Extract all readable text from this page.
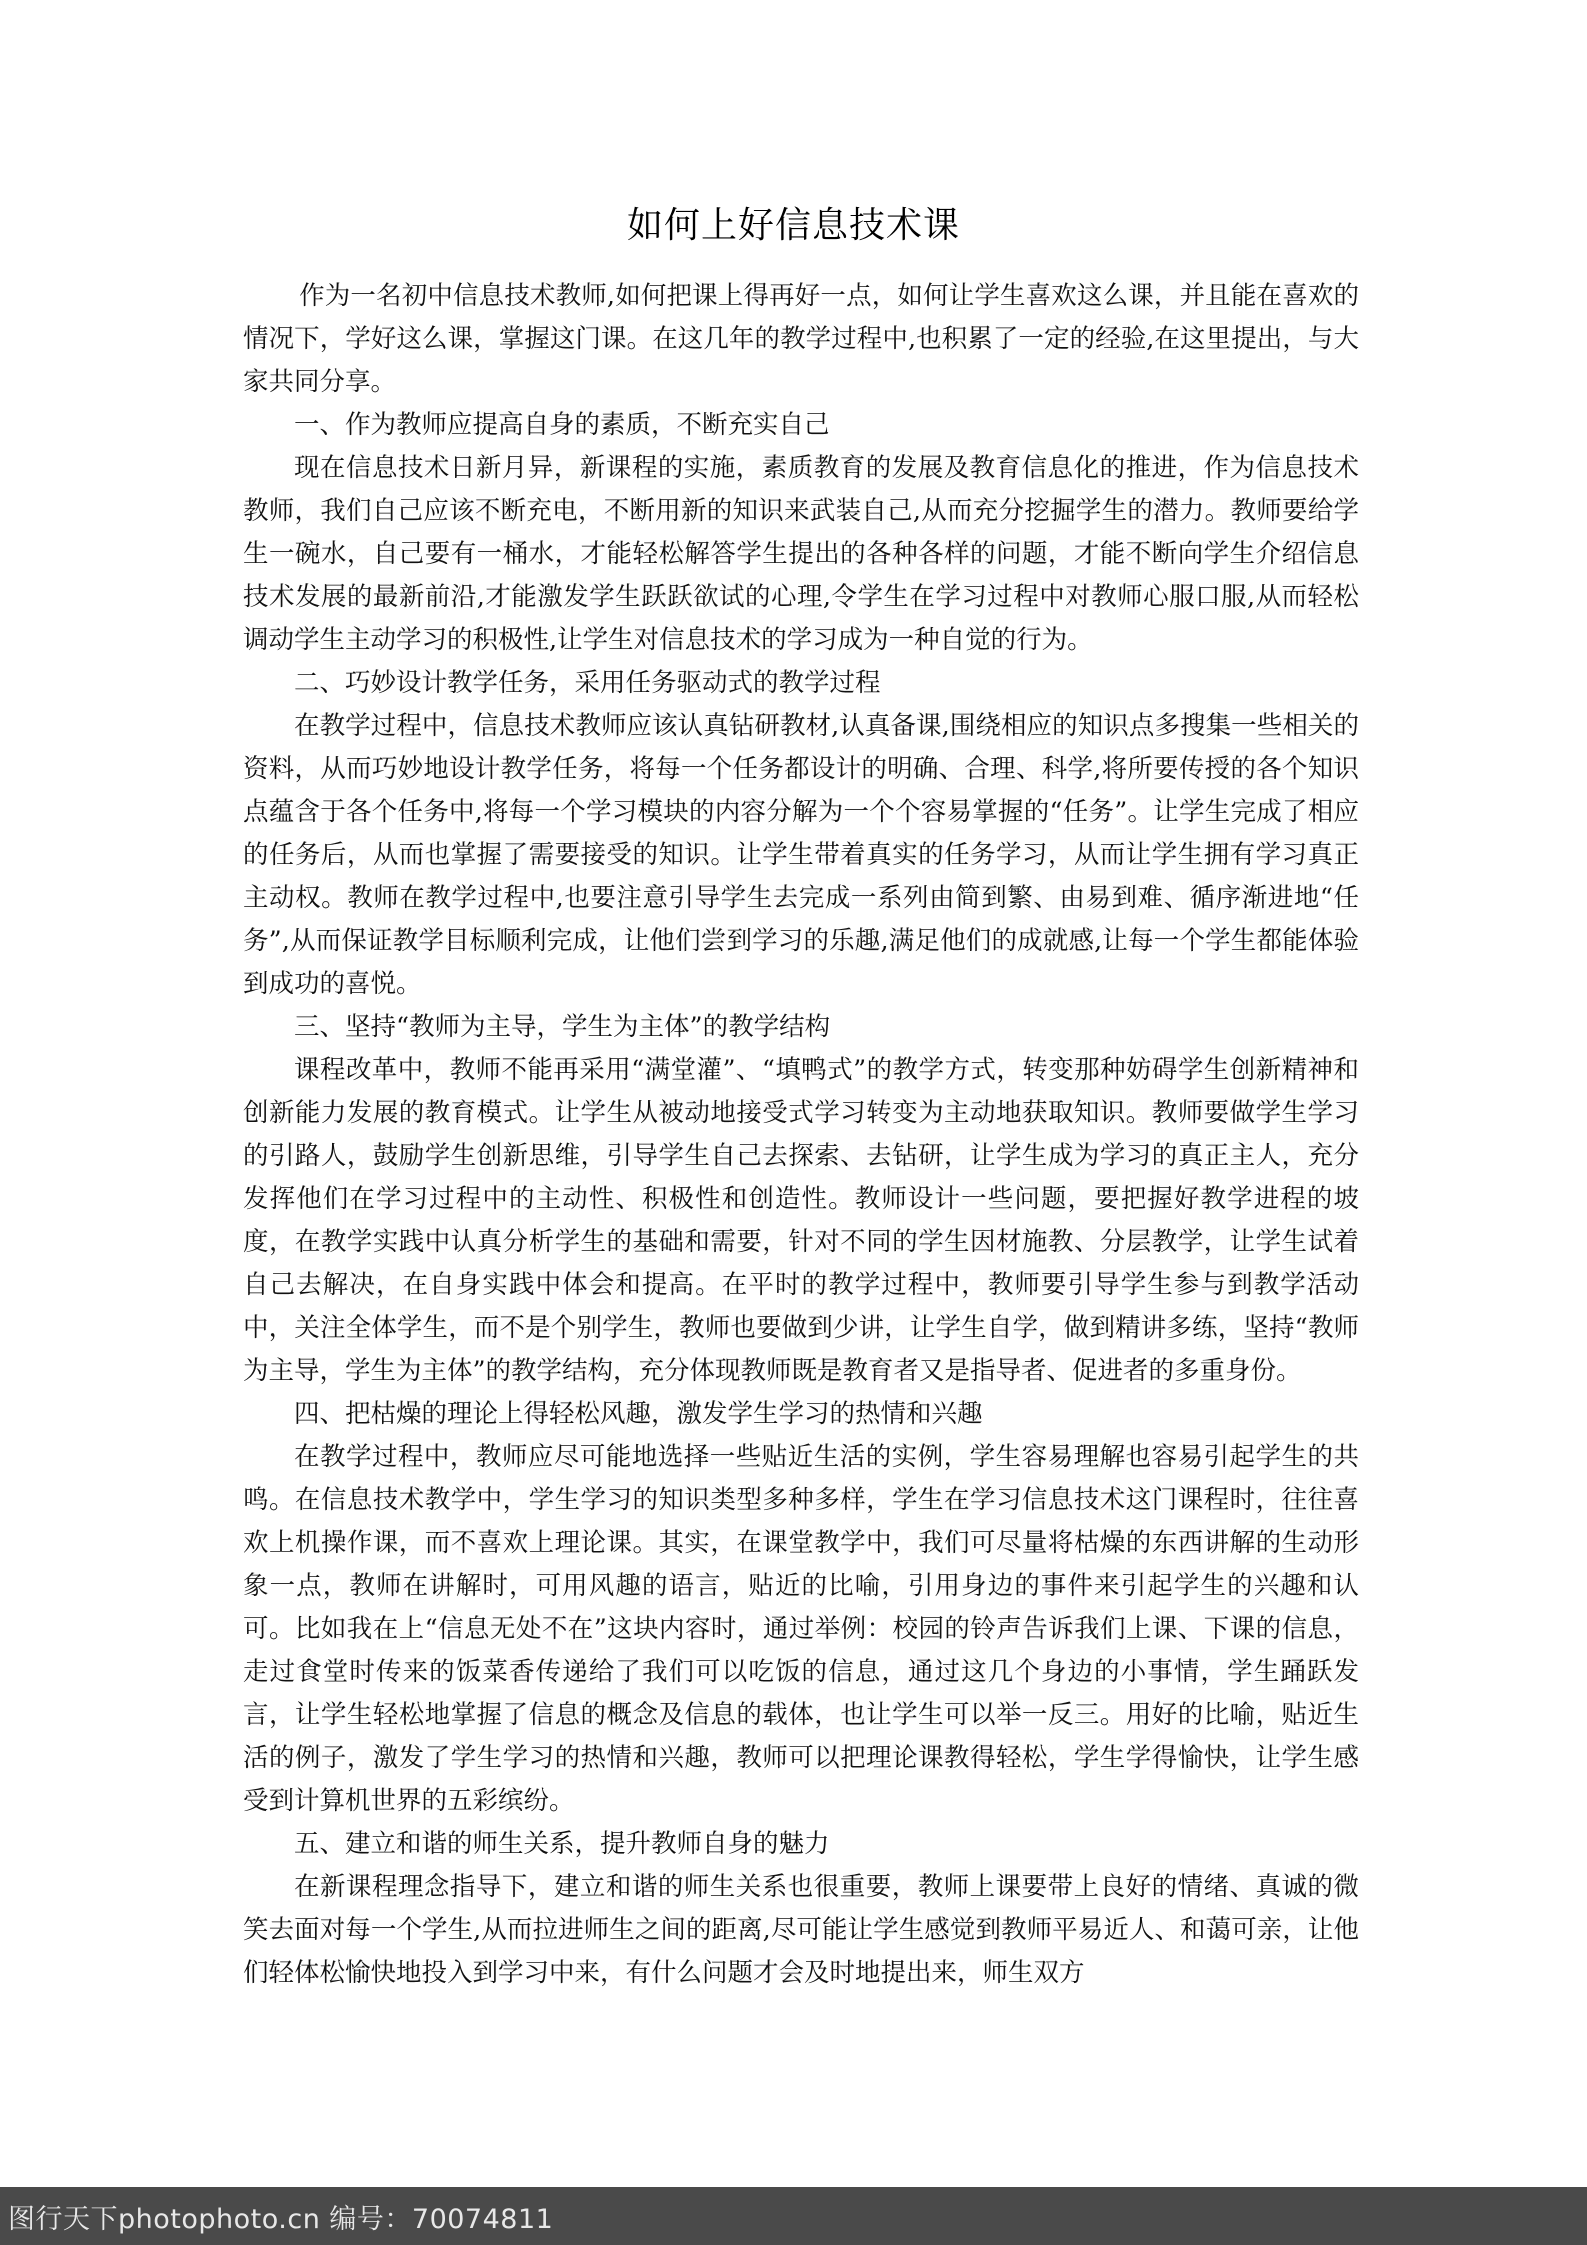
如何上好信息技术课

作为一名初中信息技术教师,如何把课上得再好一点，如何让学生喜欢这么课，并且能在喜欢的情况下，学好这么课，掌握这门课。在这几年的教学过程中,也积累了一定的经验,在这里提出，与大家共同分享。

一、作为教师应提高自身的素质，不断充实自己

现在信息技术日新月异，新课程的实施，素质教育的发展及教育信息化的推进，作为信息技术教师，我们自己应该不断充电，不断用新的知识来武装自己,从而充分挖掘学生的潜力。教师要给学生一碗水，自己要有一桶水，才能轻松解答学生提出的各种各样的问题，才能不断向学生介绍信息技术发展的最新前沿,才能激发学生跃跃欲试的心理,令学生在学习过程中对教师心服口服,从而轻松调动学生主动学习的积极性,让学生对信息技术的学习成为一种自觉的行为。

二、巧妙设计教学任务，采用任务驱动式的教学过程

在教学过程中，信息技术教师应该认真钻研教材,认真备课,围绕相应的知识点多搜集一些相关的资料，从而巧妙地设计教学任务，将每一个任务都设计的明确、合理、科学,将所要传授的各个知识点蕴含于各个任务中,将每一个学习模块的内容分解为一个个容易掌握的“任务”。让学生完成了相应的任务后，从而也掌握了需要接受的知识。让学生带着真实的任务学习，从而让学生拥有学习真正主动权。教师在教学过程中,也要注意引导学生去完成一系列由简到繁、由易到难、循序渐进地“任务”,从而保证教学目标顺利完成，让他们尝到学习的乐趣,满足他们的成就感,让每一个学生都能体验到成功的喜悦。

三、坚持“教师为主导，学生为主体”的教学结构

课程改革中，教师不能再采用“满堂灌”、“填鸭式”的教学方式，转变那种妨碍学生创新精神和创新能力发展的教育模式。让学生从被动地接受式学习转变为主动地获取知识。教师要做学生学习的引路人，鼓励学生创新思维，引导学生自己去探索、去钻研，让学生成为学习的真正主人，充分发挥他们在学习过程中的主动性、积极性和创造性。教师设计一些问题，要把握好教学进程的坡度，在教学实践中认真分析学生的基础和需要，针对不同的学生因材施教、分层教学，让学生试着自己去解决，在自身实践中体会和提高。在平时的教学过程中，教师要引导学生参与到教学活动中，关注全体学生，而不是个别学生，教师也要做到少讲，让学生自学，做到精讲多练，坚持“教师为主导，学生为主体”的教学结构，充分体现教师既是教育者又是指导者、促进者的多重身份。

四、把枯燥的理论上得轻松风趣，激发学生学习的热情和兴趣

在教学过程中，教师应尽可能地选择一些贴近生活的实例，学生容易理解也容易引起学生的共鸣。在信息技术教学中，学生学习的知识类型多种多样，学生在学习信息技术这门课程时，往往喜欢上机操作课，而不喜欢上理论课。其实，在课堂教学中，我们可尽量将枯燥的东西讲解的生动形象一点，教师在讲解时，可用风趣的语言，贴近的比喻，引用身边的事件来引起学生的兴趣和认可。比如我在上“信息无处不在”这块内容时，通过举例：校园的铃声告诉我们上课、下课的信息，走过食堂时传来的饭菜香传递给了我们可以吃饭的信息，通过这几个身边的小事情，学生踊跃发言，让学生轻松地掌握了信息的概念及信息的载体，也让学生可以举一反三。用好的比喻，贴近生活的例子，激发了学生学习的热情和兴趣，教师可以把理论课教得轻松，学生学得愉快，让学生感受到计算机世界的五彩缤纷。

五、建立和谐的师生关系，提升教师自身的魅力

在新课程理念指导下，建立和谐的师生关系也很重要，教师上课要带上良好的情绪、真诚的微笑去面对每一个学生,从而拉进师生之间的距离,尽可能让学生感觉到教师平易近人、和蔼可亲，让他们轻体松愉快地投入到学习中来，有什么问题才会及时地提出来，师生双方

图行天下photophoto.cn 编号：70074811
